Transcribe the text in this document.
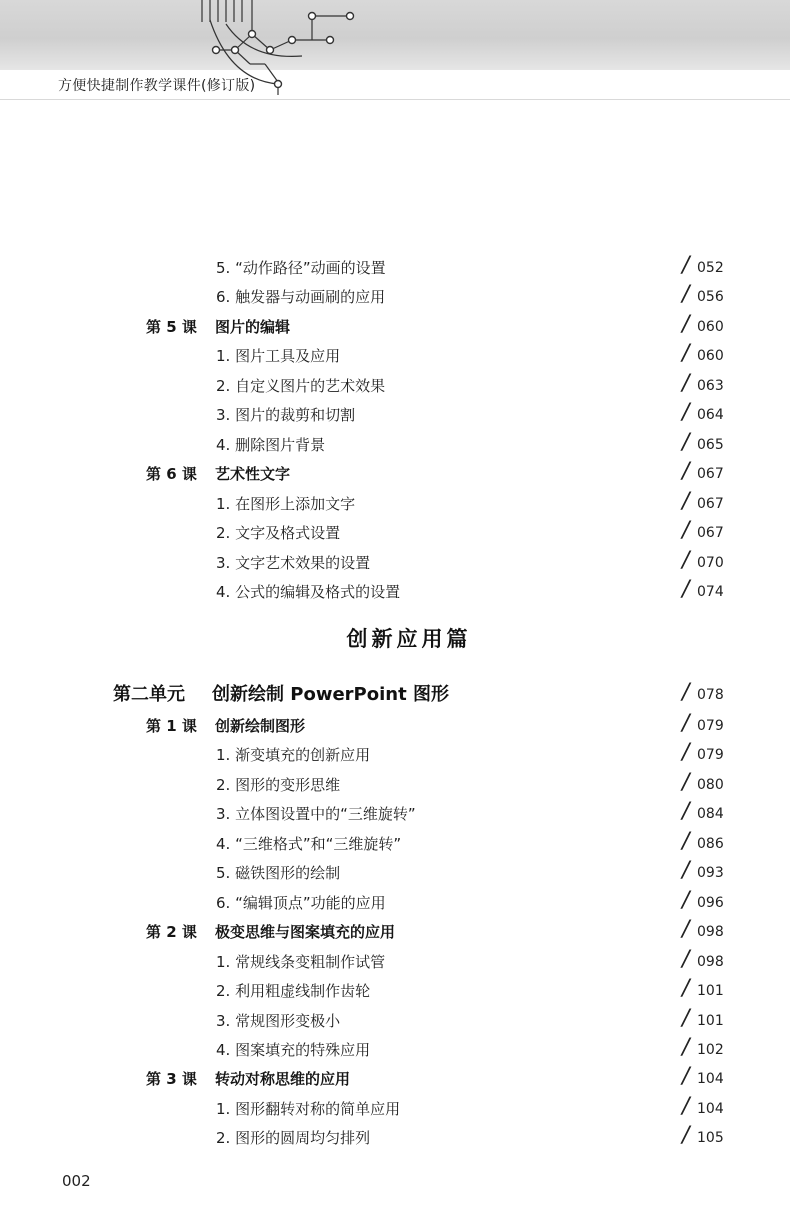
方便快捷制作教学课件(修订版)
5. “动作路径”动画的设置	/ 052
6. 触发器与动画刷的应用	/ 056
第 5 课 图片的编辑	/ 060
1. 图片工具及应用	/ 060
2. 自定义图片的艺术效果	/ 063
3. 图片的裁剪和切割	/ 064
4. 删除图片背景	/ 065
第 6 课 艺术性文字	/ 067
1. 在图形上添加文字	/ 067
2. 文字及格式设置	/ 067
3. 文字艺术效果的设置	/ 070
4. 公式的编辑及格式的设置	/ 074
创新应用篇
第二单元 创新绘制 PowerPoint 图形	/ 078
第 1 课 创新绘制图形	/ 079
1. 渐变填充的创新应用	/ 079
2. 图形的变形思维	/ 080
3. 立体图设置中的“三维旋转”	/ 084
4. “三维格式”和“三维旋转”	/ 086
5. 磁铁图形的绘制	/ 093
6. “编辑顶点”功能的应用	/ 096
第 2 课 极变思维与图案填充的应用	/ 098
1. 常规线条变粗制作试管	/ 098
2. 利用粗虚线制作齿轮	/ 101
3. 常规图形变极小	/ 101
4. 图案填充的特殊应用	/ 102
第 3 课 转动对称思维的应用	/ 104
1. 图形翻转对称的简单应用	/ 104
2. 图形的圆周均匀排列	/ 105
002
